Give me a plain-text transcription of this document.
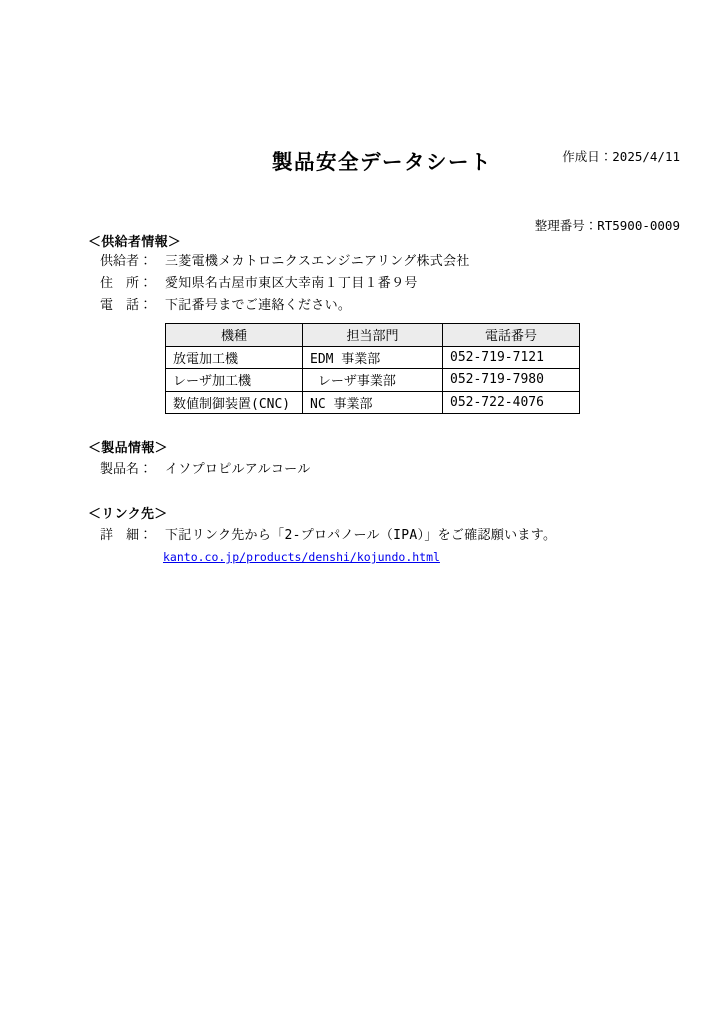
作成日：2025/4/11

整理番号：RT5900-0009

製品安全データシート
＜供給者情報＞
供給者： 三菱電機メカトロニクスエンジニアリング株式会社
住　所： 愛知県名古屋市東区大幸南１丁目１番９号
電　話： 下記番号までご連絡ください。
機種	担当部門	電話番号
放電加工機	EDM 事業部	052-719-7121
レーザ加工機	レーザ事業部	052-719-7980
数値制御装置(CNC)	NC 事業部	052-722-4076
＜製品情報＞
製品名： イソプロピルアルコール
＜リンク先＞
詳　細： 下記リンク先から「2-プロパノール（IPA）」をご確認願います。
kanto.co.jp/products/denshi/kojundo.html
